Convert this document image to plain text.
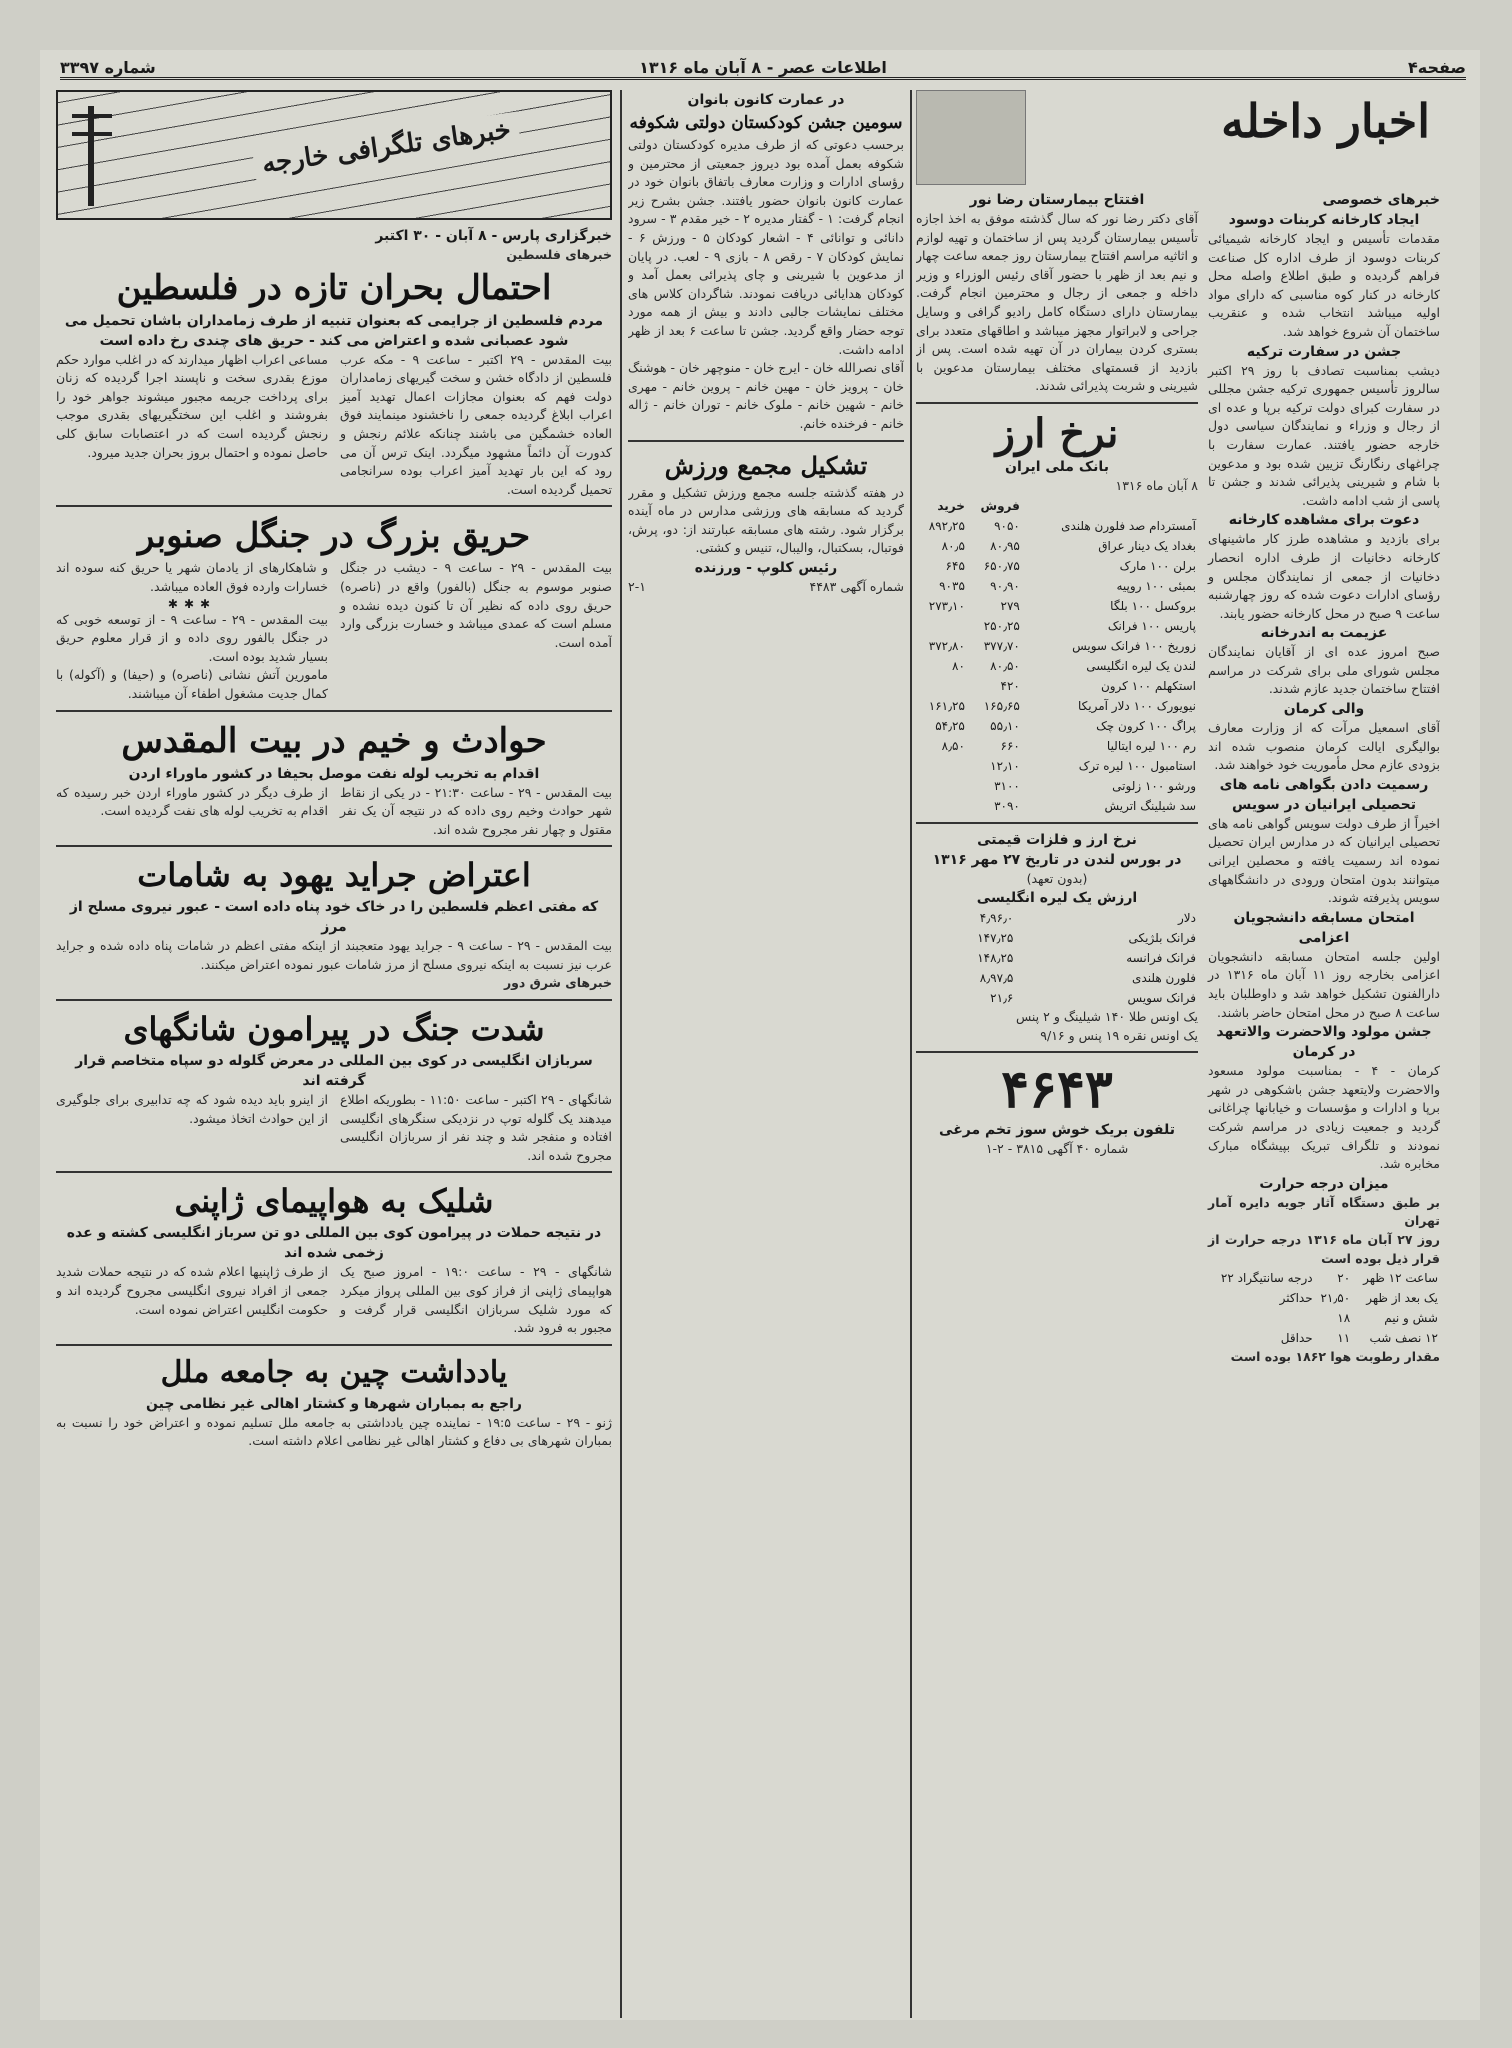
صفحه۴
اطلاعات عصر - ۸ آبان ماه ۱۳۱۶
شماره ۳۳۹۷
خبرهای تلگرافی خارجه
خبرگزاری پارس - ۸ آبان - ۳۰ اکتبر
خبرهای فلسطین
احتمال بحران تازه در فلسطین
مردم فلسطین از جرایمی که بعنوان تنبیه از طرف زمامداران باشان تحمیل می شود عصبانی شده و اعتراض می کند - حریق های چندی رخ داده است

بیت المقدس - ۲۹ اکتبر - ساعت ۹ - مکه عرب فلسطین از دادگاه خشن و سخت گیریهای زمامداران دولت فهم که بعنوان مجازات اعمال تهدید آمیز اعراب ابلاغ گردیده جمعی را ناخشنود مینمایند فوق العاده خشمگین می باشند چنانکه علائم رنجش و کدورت آن دائماً مشهود میگردد. اینک ترس آن می رود که این بار تهدید آمیز اعراب بوده سرانجامی تحمیل گردیده است.

مساعی اعراب اظهار میدارند که در اغلب موارد حکم موزع بقدری سخت و ناپسند اجرا گردیده که زنان برای پرداخت جریمه مجبور میشوند جواهر خود را بفروشند و اغلب این سختگیریهای بقدری موجب رنجش گردیده است که در اعتصابات سابق کلی حاصل نموده و احتمال بروز بحران جدید میرود.

حریق بزرگ در جنگل صنوبر

بیت المقدس - ۲۹ - ساعت ۹ - دیشب در جنگل صنوبر موسوم به جنگل (بالفور) واقع در (ناصره) حریق روی داده که نظیر آن تا کنون دیده نشده و مسلم است که عمدی میباشد و خسارت بزرگی وارد آمده است.

و شاهکارهای از یادمان شهر یا حریق کنه سوده اند خسارات وارده فوق العاده میباشد.

✱✱✱

بیت المقدس - ۲۹ - ساعت ۹ - از توسعه خوبی که در جنگل بالفور روی داده و از قرار معلوم حریق بسیار شدید بوده است.

مامورین آتش نشانی (ناصره) و (حیفا) و (آکوله) با کمال جدیت مشغول اطفاء آن میباشند.

حوادث و خیم در بیت المقدس
اقدام به تخریب لوله نفت موصل بحیفا در کشور ماوراء اردن

بیت المقدس - ۲۹ - ساعت ۲۱:۳۰ - در یکی از نقاط شهر حوادث وخیم روی داده که در نتیجه آن یک نفر مقتول و چهار نفر مجروح شده اند.

از طرف دیگر در کشور ماوراء اردن خبر رسیده که اقدام به تخریب لوله های نفت گردیده است.

اعتراض جراید یهود به شامات
که مفتی اعظم فلسطین را در خاک خود پناه داده است - عبور نیروی مسلح از مرز

بیت المقدس - ۲۹ - ساعت ۹ - جراید یهود متعجبند از اینکه مفتی اعظم در شامات پناه داده شده و جراید عرب نیز نسبت به اینکه نیروی مسلح از مرز شامات عبور نموده اعتراض میکنند.

خبرهای شرق دور
شدت جنگ در پیرامون شانگهای
سربازان انگلیسی در کوی بین المللی در معرض گلوله دو سپاه متخاصم قرار گرفته اند

شانگهای - ۲۹ اکتبر - ساعت ۱۱:۵۰ - بطوریکه اطلاع میدهند یک گلوله توپ در نزدیکی سنگرهای انگلیسی افتاده و منفجر شد و چند نفر از سربازان انگلیسی مجروح شده اند.

از اینرو باید دیده شود که چه تدابیری برای جلوگیری از این حوادث اتخاذ میشود.

شلیک به هواپیمای ژاپنی
در نتیجه حملات در پیرامون کوی بین المللی دو تن سرباز انگلیسی کشته و عده زخمی شده اند

شانگهای - ۲۹ - ساعت ۱۹:۰ - امروز صبح یک هواپیمای ژاپنی از فراز کوی بین المللی پرواز میکرد که مورد شلیک سربازان انگلیسی قرار گرفت و مجبور به فرود شد.

از طرف ژاپنیها اعلام شده که در نتیجه حملات شدید جمعی از افراد نیروی انگلیسی مجروح گردیده اند و حکومت انگلیس اعتراض نموده است.

یادداشت چین به جامعه ملل
راجع به بمباران شهرها و کشتار اهالی غیر نظامی چین

ژنو - ۲۹ - ساعت ۱۹:۵ - نماینده چین یادداشتی به جامعه ملل تسلیم نموده و اعتراض خود را نسبت به بمباران شهرهای بی دفاع و کشتار اهالی غیر نظامی اعلام داشته است.

در عمارت کانون بانوان
سومین جشن کودکستان دولتی شکوفه

برحسب دعوتی که از طرف مدیره کودکستان دولتی شکوفه بعمل آمده بود دیروز جمعیتی از محترمین و رؤسای ادارات و وزارت معارف باتفاق بانوان خود در عمارت کانون بانوان حضور یافتند. جشن بشرح زیر انجام گرفت: ۱ - گفتار مدیره ۲ - خیر مقدم ۳ - سرود دانائی و توانائی ۴ - اشعار کودکان ۵ - ورزش ۶ - نمایش کودکان ۷ - رقص ۸ - بازی ۹ - لعب. در پایان از مدعوین با شیرینی و چای پذیرائی بعمل آمد و کودکان هدایائی دریافت نمودند. شاگردان کلاس های مختلف نمایشات جالبی دادند و بیش از همه مورد توجه حضار واقع گردید. جشن تا ساعت ۶ بعد از ظهر ادامه داشت.

آقای نصرالله خان - ایرج خان - منوچهر خان - هوشنگ خان - پرویز خان - مهین خانم - پروین خانم - مهری خانم - شهین خانم - ملوک خانم - توران خانم - ژاله خانم - فرخنده خانم.

تشکیل مجمع ورزش

در هفته گذشته جلسه مجمع ورزش تشکیل و مقرر گردید که مسابقه های ورزشی مدارس در ماه آینده برگزار شود. رشته های مسابقه عبارتند از: دو، پرش، فوتبال، بسکتبال، والیبال، تنیس و کشتی.

رئیس کلوپ - ورزنده
شماره آگهی ۴۴۸۳
۲-۱
اخبار داخله
خبرهای خصوصی
ایجاد کارخانه کربنات دوسود

مقدمات تأسیس و ایجاد کارخانه شیمیائی کربنات دوسود از طرف اداره کل صناعت فراهم گردیده و طبق اطلاع واصله محل کارخانه در کنار کوه مناسبی که دارای مواد اولیه میباشد انتخاب شده و عنقریب ساختمان آن شروع خواهد شد.

جشن در سفارت ترکیه

دیشب بمناسبت تصادف با روز ۲۹ اکتبر سالروز تأسیس جمهوری ترکیه جشن مجللی در سفارت کبرای دولت ترکیه برپا و عده ای از رجال و وزراء و نمایندگان سیاسی دول خارجه حضور یافتند. عمارت سفارت با چراغهای رنگارنگ تزیین شده بود و مدعوین با شام و شیرینی پذیرائی شدند و جشن تا پاسی از شب ادامه داشت.

دعوت برای مشاهده کارخانه

برای بازدید و مشاهده طرز کار ماشینهای کارخانه دخانیات از طرف اداره انحصار دخانیات از جمعی از نمایندگان مجلس و رؤسای ادارات دعوت شده که روز چهارشنبه ساعت ۹ صبح در محل کارخانه حضور یابند.

عزیمت به اندرخانه

صبح امروز عده ای از آقایان نمایندگان مجلس شورای ملی برای شرکت در مراسم افتتاح ساختمان جدید عازم شدند.

والی کرمان

آقای اسمعیل مرآت که از وزارت معارف بوالیگری ایالت کرمان منصوب شده اند بزودی عازم محل مأموریت خود خواهند شد.

رسمیت دادن بگواهی نامه های تحصیلی ایرانیان در سویس

اخیراً از طرف دولت سویس گواهی نامه های تحصیلی ایرانیان که در مدارس ایران تحصیل نموده اند رسمیت یافته و محصلین ایرانی میتوانند بدون امتحان ورودی در دانشگاههای سویس پذیرفته شوند.

امتحان مسابقه دانشجویان اعزامی

اولین جلسه امتحان مسابقه دانشجویان اعزامی بخارجه روز ۱۱ آبان ماه ۱۳۱۶ در دارالفنون تشکیل خواهد شد و داوطلبان باید ساعت ۸ صبح در محل امتحان حاضر باشند.

جشن مولود والاحضرت والاتعهد در کرمان

کرمان - ۴ - بمناسبت مولود مسعود والاحضرت ولایتعهد جشن باشکوهی در شهر برپا و ادارات و مؤسسات و خیابانها چراغانی گردید و جمعیت زیادی در مراسم شرکت نمودند و تلگراف تبریک بپیشگاه مبارک مخابره شد.

میزان درجه حرارت
بر طبق دستگاه آثار جویه دایره آمار تهران
روز ۲۷ آبان ماه ۱۳۱۶ درجه حرارت از قرار ذیل بوده است
ساعت ۱۲ ظهر	۲۰	۲۲ درجه سانتیگراد
یک بعد از ظهر	۲۱٫۵۰	حداکثر
شش و نیم	۱۸	
۱۲ نصف شب	۱۱	حداقل
مقدار رطوبت هوا ۱۸۶۲ بوده است
افتتاح بیمارستان رضا نور

آقای دکتر رضا نور که سال گذشته موفق به اخذ اجازه تأسیس بیمارستان گردید پس از ساختمان و تهیه لوازم و اثاثیه مراسم افتتاح بیمارستان روز جمعه ساعت چهار و نیم بعد از ظهر با حضور آقای رئیس الوزراء و وزیر داخله و جمعی از رجال و محترمین انجام گرفت. بیمارستان دارای دستگاه کامل رادیو گرافی و وسایل جراحی و لابراتوار مجهز میباشد و اطاقهای متعدد برای بستری کردن بیماران در آن تهیه شده است. پس از بازدید از قسمتهای مختلف بیمارستان مدعوین با شیرینی و شربت پذیرائی شدند.

نرخ ارز
بانک ملی ایران
۸ آبان ماه ۱۳۱۶
	فروش	خرید
آمستردام صد فلورن هلندی	۹۰۵۰	۸۹۲٫۲۵
بغداد یک دینار عراق	۸۰٫۹۵	۸۰٫۵
برلن ۱۰۰ مارک	۶۵۰٫۷۵	۶۴۵
بمبئی ۱۰۰ روپیه	۹۰٫۹۰	۹۰۳۵
بروکسل ۱۰۰ بلگا	۲۷۹	۲۷۳٫۱۰
پاریس ۱۰۰ فرانک	۲۵۰٫۲۵	
زوریخ ۱۰۰ فرانک سویس	۳۷۷٫۷۰	۳۷۲٫۸۰
لندن یک لیره انگلیسی	۸۰٫۵۰	۸۰
استکهلم ۱۰۰ کرون	۴۲۰	
نیویورک ۱۰۰ دلار آمریکا	۱۶۵٫۶۵	۱۶۱٫۲۵
پراگ ۱۰۰ کرون چک	۵۵٫۱۰	۵۴٫۲۵
رم ۱۰۰ لیره ایتالیا	۶۶۰	۸٫۵۰
استامبول ۱۰۰ لیره ترک	۱۲٫۱۰	
ورشو ۱۰۰ زلوتی	۳۱۰۰	
سد شیلینگ اتریش	۳۰۹۰	
نرخ ارز و فلزات قیمتی
در بورس لندن در تاریخ ۲۷ مهر ۱۳۱۶
(بدون تعهد)
ارزش یک لیره انگلیسی
دلار	۴٫۹۶٫۰
فرانک بلژیکی	۱۴۷٫۲۵
فرانک فرانسه	۱۴۸٫۲۵
فلورن هلندی	۸٫۹۷٫۵
فرانک سویس	۲۱٫۶
یک اونس طلا ۱۴۰ شیلینگ و ۲ پنس
یک اونس نقره ۱۹ پنس و ۹/۱۶
۴۶۴۳
تلفون بریک خوش سوز تخم مرغی
شماره ۴۰ آگهی ۳۸۱۵ - ۲-۱
